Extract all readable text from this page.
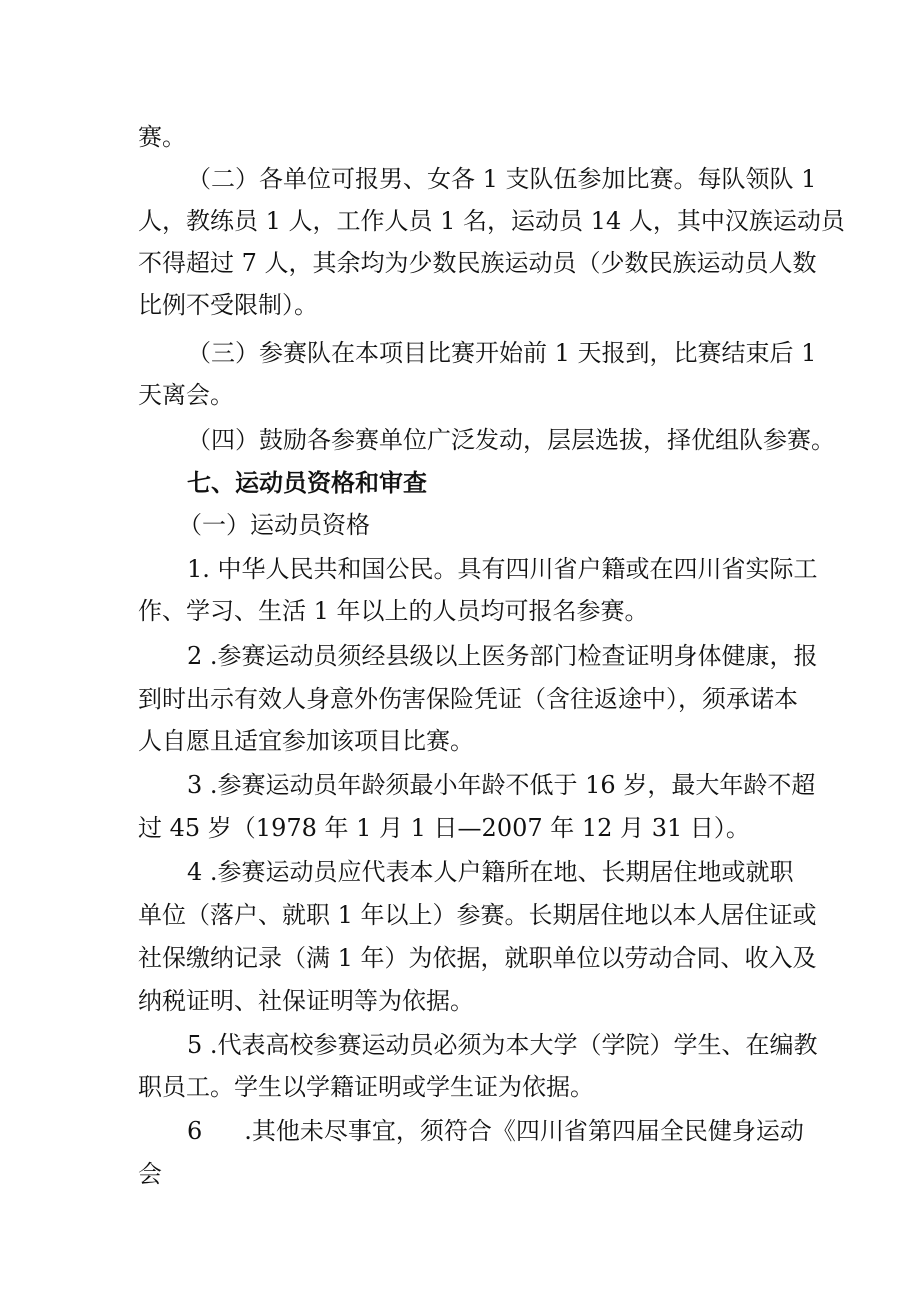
赛。
（二）各单位可报男、女各 1 支队伍参加比赛。每队领队 1
人，教练员 1 人，工作人员 1 名，运动员 14 人，其中汉族运动员
不得超过 7 人，其余均为少数民族运动员（少数民族运动员人数
比例不受限制）。
（三）参赛队在本项目比赛开始前 1 天报到，比赛结束后 1
天离会。
（四）鼓励各参赛单位广泛发动，层层选拔，择优组队参赛。
七、运动员资格和审查
（一）运动员资格
1. 中华人民共和国公民。具有四川省户籍或在四川省实际工
作、学习、生活 1 年以上的人员均可报名参赛。
2 .参赛运动员须经县级以上医务部门检查证明身体健康，报
到时出示有效人身意外伤害保险凭证（含往返途中），须承诺本
人自愿且适宜参加该项目比赛。
3 .参赛运动员年龄须最小年龄不低于 16 岁，最大年龄不超
过 45 岁（1978 年 1 月 1 日—2007 年 12 月 31 日）。
4 .参赛运动员应代表本人户籍所在地、长期居住地或就职
单位（落户、就职 1 年以上）参赛。长期居住地以本人居住证或
社保缴纳记录（满 1 年）为依据，就职单位以劳动合同、收入及
纳税证明、社保证明等为依据。
5 .代表高校参赛运动员必须为本大学（学院）学生、在编教
职员工。学生以学籍证明或学生证为依据。
6 .其他未尽事宜，须符合《四川省第四届全民健身运动
会
